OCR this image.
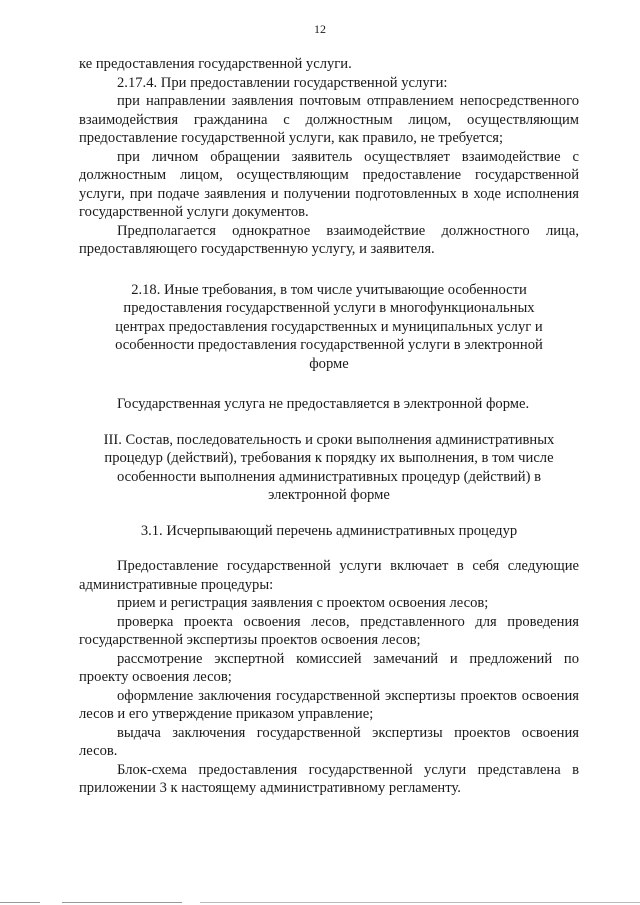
12

ке предоставления государственной услуги.

2.17.4. При предоставлении государственной услуги:

при направлении заявления почтовым отправлением непосредственного взаимодействия гражданина с должностным лицом, осуществляющим предоставление государственной услуги, как правило, не требуется;

при личном обращении заявитель осуществляет взаимодействие с должностным лицом, осуществляющим предоставление государственной услуги, при подаче заявления и получении подготовленных в ходе исполнения государственной услуги документов.

Предполагается однократное взаимодействие должностного лица, предоставляющего государственную услугу, и заявителя.

2.18. Иные требования, в том числе учитывающие особенности предоставления государственной услуги в многофункциональных центрах предоставления государственных и муниципальных услуг и особенности предоставления государственной услуги в электронной форме

Государственная услуга не предоставляется в электронной форме.

III. Состав, последовательность и сроки выполнения административных процедур (действий), требования к порядку их выполнения, в том числе особенности выполнения административных процедур (действий) в электронной форме

3.1. Исчерпывающий перечень административных процедур

Предоставление государственной услуги включает в себя следующие административные процедуры:

прием и регистрация заявления с проектом освоения лесов;

проверка проекта освоения лесов, представленного для проведения государственной экспертизы проектов освоения лесов;

рассмотрение экспертной комиссией замечаний и предложений по проекту освоения лесов;

оформление заключения государственной экспертизы проектов освоения лесов и его утверждение приказом управление;

выдача заключения государственной экспертизы проектов освоения лесов.

Блок-схема предоставления государственной услуги представлена в приложении 3 к настоящему административному регламенту.
